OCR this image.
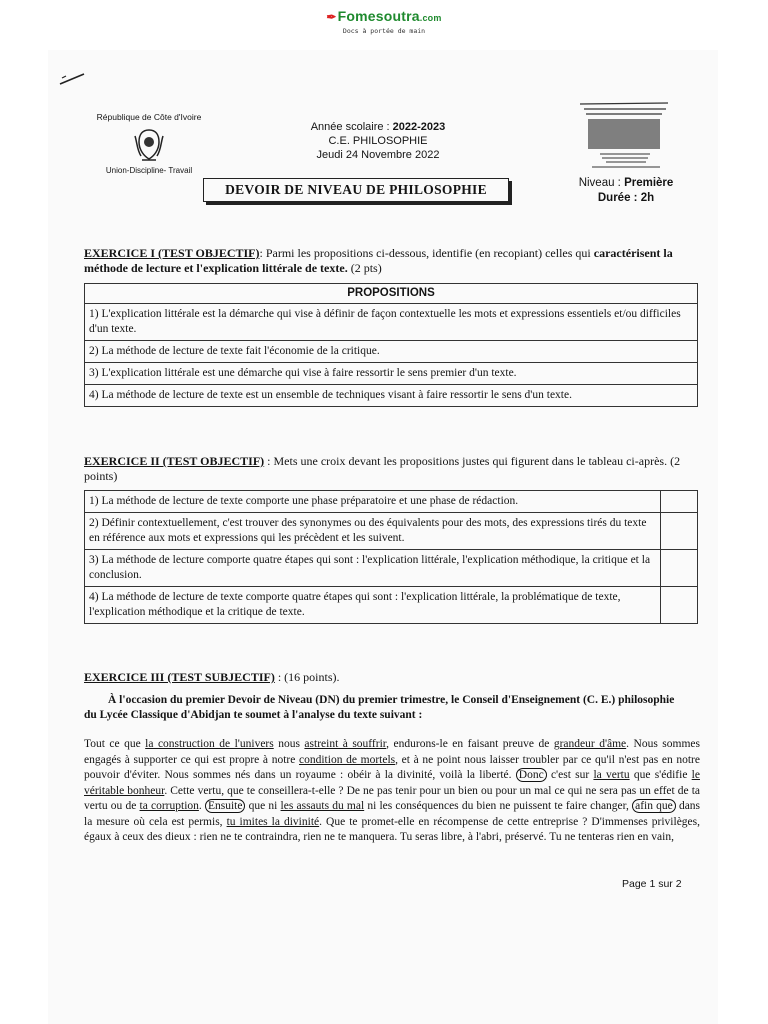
✒Fomesoutra.com
Docs à portée de main
République de Côte d'Ivoire
Union-Discipline- Travail
Année scolaire : 2022-2023
C.E. PHILOSOPHIE
Jeudi 24 Novembre 2022
DEVOIR DE NIVEAU DE PHILOSOPHIE	Niveau : Première
Durée : 2h
EXERCICE I (TEST OBJECTIF): Parmi les propositions ci-dessous, identifie (en recopiant) celles qui caractérisent la méthode de lecture et l'explication littérale de texte. (2 pts)
PROPOSITIONS
1) L'explication littérale est la démarche qui vise à définir de façon contextuelle les mots et expressions essentiels et/ou difficiles d'un texte.
2) La méthode de lecture de texte fait l'économie de la critique.
3) L'explication littérale est une démarche qui vise à faire ressortir le sens premier d'un texte.
4) La méthode de lecture de texte est un ensemble de techniques visant à faire ressortir le sens d'un texte.
EXERCICE II (TEST OBJECTIF) : Mets une croix devant les propositions justes qui figurent dans le tableau ci-après. (2 points)
1) La méthode de lecture de texte comporte une phase préparatoire et une phase de rédaction.	
2) Définir contextuellement, c'est trouver des synonymes ou des équivalents pour des mots, des expressions tirés du texte en référence aux mots et expressions qui les précèdent et les suivent.	
3) La méthode de lecture comporte quatre étapes qui sont : l'explication littérale, l'explication méthodique, la critique et la conclusion.	
4) La méthode de lecture de texte comporte quatre étapes qui sont : l'explication littérale, la problématique de texte, l'explication méthodique et la critique de texte.	
EXERCICE III (TEST SUBJECTIF) : (16 points).
À l'occasion du premier Devoir de Niveau (DN) du premier trimestre, le Conseil d'Enseignement (C. E.) philosophie du Lycée Classique d'Abidjan te soumet à l'analyse du texte suivant :
Tout ce que la construction de l'univers nous astreint à souffrir, endurons-le en faisant preuve de grandeur d'âme. Nous sommes engagés à supporter ce qui est propre à notre condition de mortels, et à ne point nous laisser troubler par ce qu'il n'est pas en notre pouvoir d'éviter. Nous sommes nés dans un royaume : obéir à la divinité, voilà la liberté. Donc c'est sur la vertu que s'édifie le véritable bonheur. Cette vertu, que te conseillera-t-elle ? De ne pas tenir pour un bien ou pour un mal ce qui ne sera pas un effet de ta vertu ou de ta corruption. Ensuite que ni les assauts du mal ni les conséquences du bien ne puissent te faire changer, afin que dans la mesure où cela est permis, tu imites la divinité. Que te promet-elle en récompense de cette entreprise ? D'immenses privilèges, égaux à ceux des dieux : rien ne te contraindra, rien ne te manquera. Tu seras libre, à l'abri, préservé. Tu ne tenteras rien en vain,
Page 1 sur 2
